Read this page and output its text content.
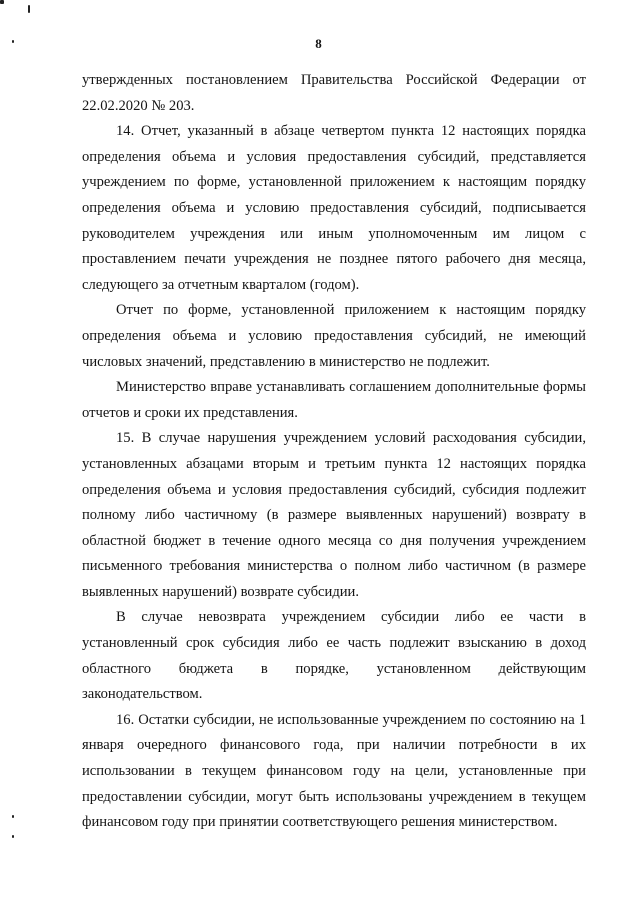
8

утвержденных постановлением Правительства Российской Федерации от 22.02.2020 № 203.

14. Отчет, указанный в абзаце четвертом пункта 12 настоящих порядка определения объема и условия предоставления субсидий, представляется учреждением по форме, установленной приложением к настоящим порядку определения объема и условию предоставления субсидий, подписывается руководителем учреждения или иным уполномоченным им лицом с проставлением печати учреждения не позднее пятого рабочего дня месяца, следующего за отчетным кварталом (годом).

Отчет по форме, установленной приложением к настоящим порядку определения объема и условию предоставления субсидий, не имеющий числовых значений, представлению в министерство не подлежит.

Министерство вправе устанавливать соглашением дополнительные формы отчетов и сроки их представления.

15. В случае нарушения учреждением условий расходования субсидии, установленных абзацами вторым и третьим пункта 12 настоящих порядка определения объема и условия предоставления субсидий, субсидия подлежит полному либо частичному (в размере выявленных нарушений) возврату в областной бюджет в течение одного месяца со дня получения учреждением письменного требования министерства о полном либо частичном (в размере выявленных нарушений) возврате субсидии.

В случае невозврата учреждением субсидии либо ее части в установленный срок субсидия либо ее часть подлежит взысканию в доход областного бюджета в порядке, установленном действующим законодательством.

16. Остатки субсидии, не использованные учреждением по состоянию на 1 января очередного финансового года, при наличии потребности в их использовании в текущем финансовом году на цели, установленные при предоставлении субсидии, могут быть использованы учреждением в текущем финансовом году при принятии соответствующего решения министерством.
